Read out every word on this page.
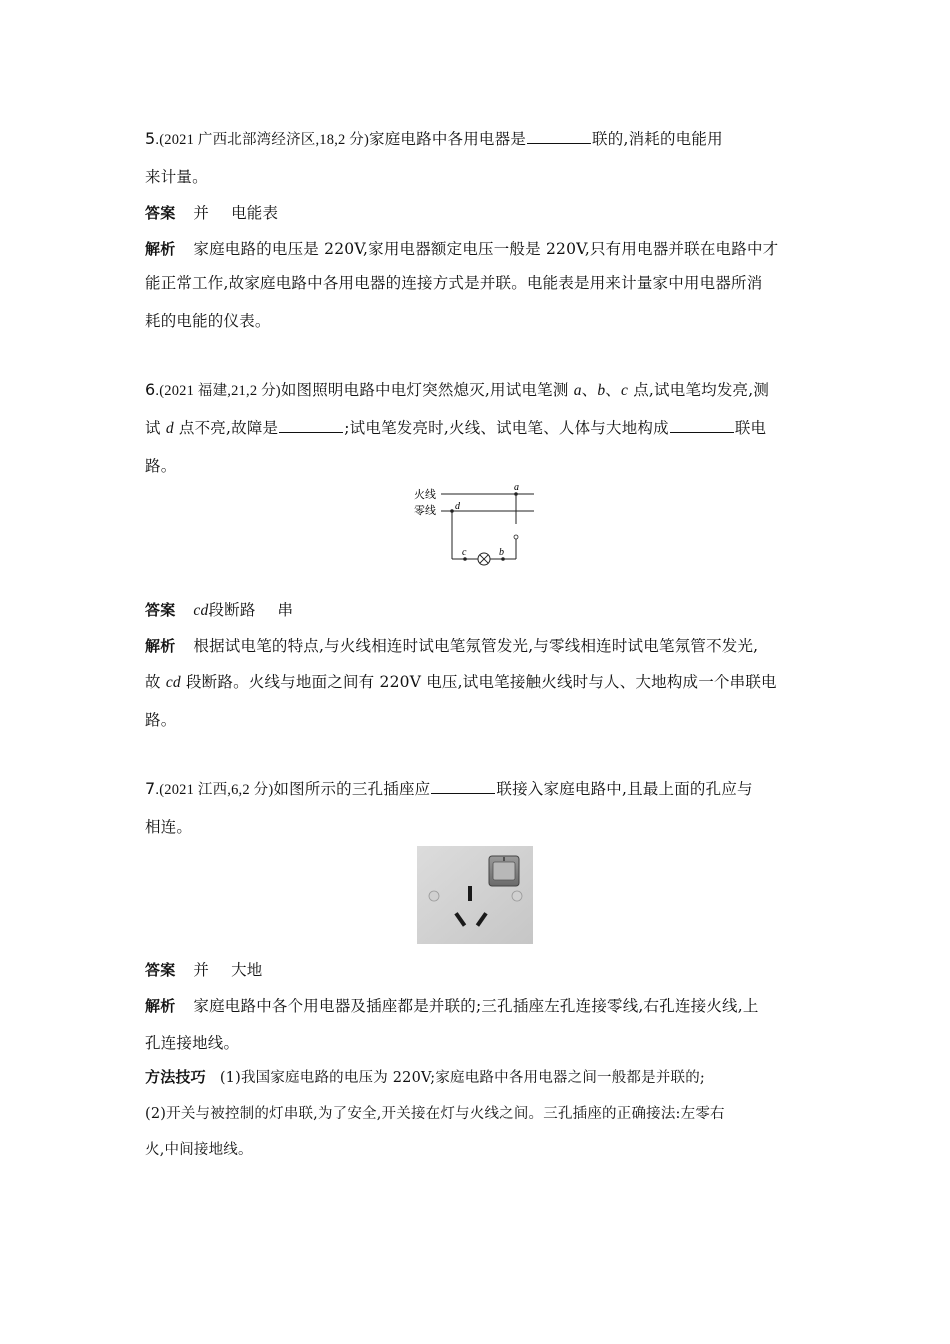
5.(2021 广西北部湾经济区,18,2 分)家庭电路中各用电器是	联的,消耗的电能用
来计量。
答案 并 电能表
解析 家庭电路的电压是 220V,家用电器额定电压一般是 220V,只有用电器并联在电路中才
能正常工作,故家庭电路中各用电器的连接方式是并联。电能表是用来计量家中用电器所消
耗的电能的仪表。
6.(2021 福建,21,2 分)如图照明电路中电灯突然熄灭,用试电笔测 a、b、c 点,试电笔均发亮,测
试 d 点不亮,故障是	;试电笔发亮时,火线、试电笔、人体与大地构成	联电
路。
火线
零线
a
d
c	b
答案 cd段断路 串
解析 根据试电笔的特点,与火线相连时试电笔氖管发光,与零线相连时试电笔氖管不发光,
故 cd 段断路。火线与地面之间有 220V 电压,试电笔接触火线时与人、大地构成一个串联电
路。
7.(2021 江西,6,2 分)如图所示的三孔插座应	联接入家庭电路中,且最上面的孔应与
相连。
答案 并 大地
解析 家庭电路中各个用电器及插座都是并联的;三孔插座左孔连接零线,右孔连接火线,上
孔连接地线。
方法技巧 (1)我国家庭电路的电压为 220V;家庭电路中各用电器之间一般都是并联的;
(2)开关与被控制的灯串联,为了安全,开关接在灯与火线之间。三孔插座的正确接法:左零右
火,中间接地线。
